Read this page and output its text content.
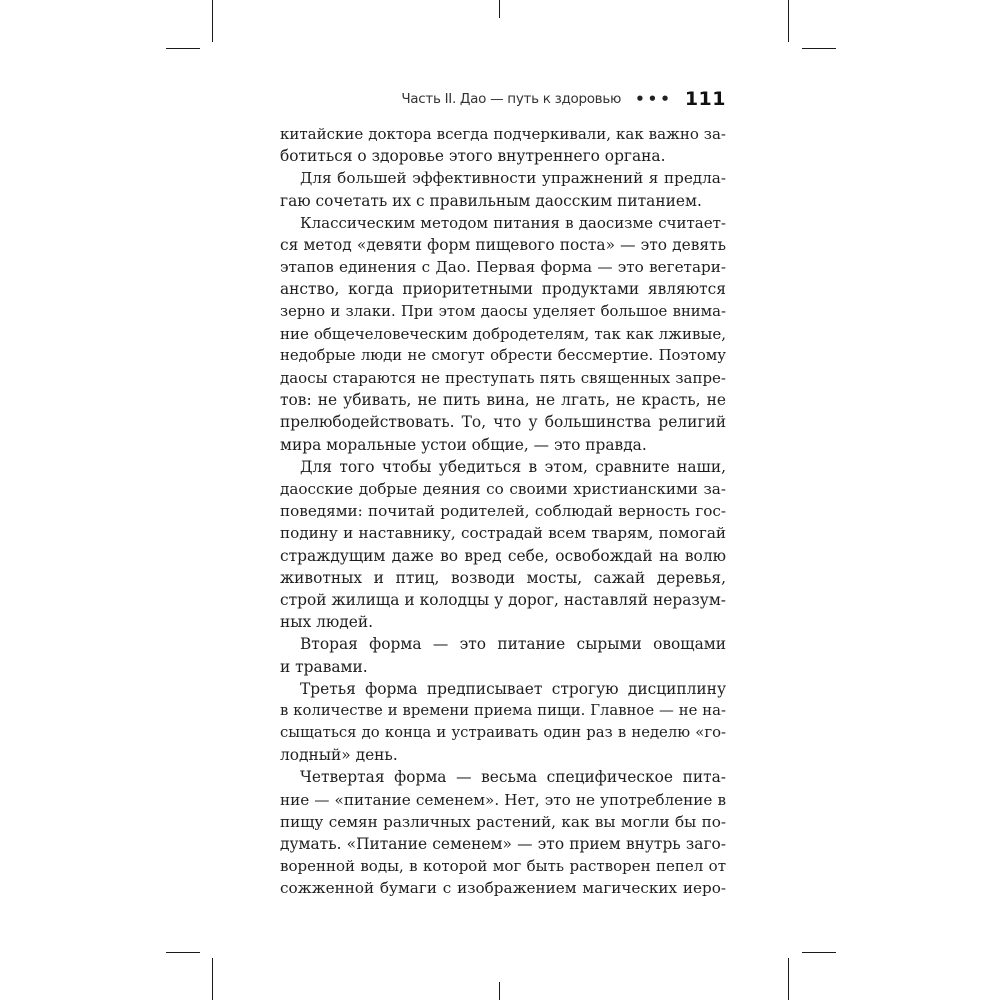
Часть II. Дао — путь к здоровью ••• 111
китайские доктора всегда подчеркивали, как важно за-
ботиться о здоровье этого внутреннего органа.
Для большей эффективности упражнений я предла-
гаю сочетать их с правильным даосским питанием.
Классическим методом питания в даосизме считает-
ся метод «девяти форм пищевого поста» — это девять
этапов единения с Дао. Первая форма — это вегетари-
анство, когда приоритетными продуктами являются
зерно и злаки. При этом даосы уделяет большое внима-
ние общечеловеческим добродетелям, так как лживые,
недобрые люди не смогут обрести бессмертие. Поэтому
даосы стараются не преступать пять священных запре-
тов: не убивать, не пить вина, не лгать, не красть, не
прелюбодействовать. То, что у большинства религий
мира моральные устои общие, — это правда.
Для того чтобы убедиться в этом, сравните наши,
даосские добрые деяния со своими христианскими за-
поведями: почитай родителей, соблюдай верность гос-
подину и наставнику, сострадай всем тварям, помогай
страждущим даже во вред себе, освобождай на волю
животных и птиц, возводи мосты, сажай деревья,
строй жилища и колодцы у дорог, наставляй неразум-
ных людей.
Вторая форма — это питание сырыми овощами
и травами.
Третья форма предписывает строгую дисциплину
в количестве и времени приема пищи. Главное — не на-
сыщаться до конца и устраивать один раз в неделю «го-
лодный» день.
Четвертая форма — весьма специфическое пита-
ние — «питание семенем». Нет, это не употребление в
пищу семян различных растений, как вы могли бы по-
думать. «Питание семенем» — это прием внутрь заго-
воренной воды, в которой мог быть растворен пепел от
сожженной бумаги с изображением магических иеро-
